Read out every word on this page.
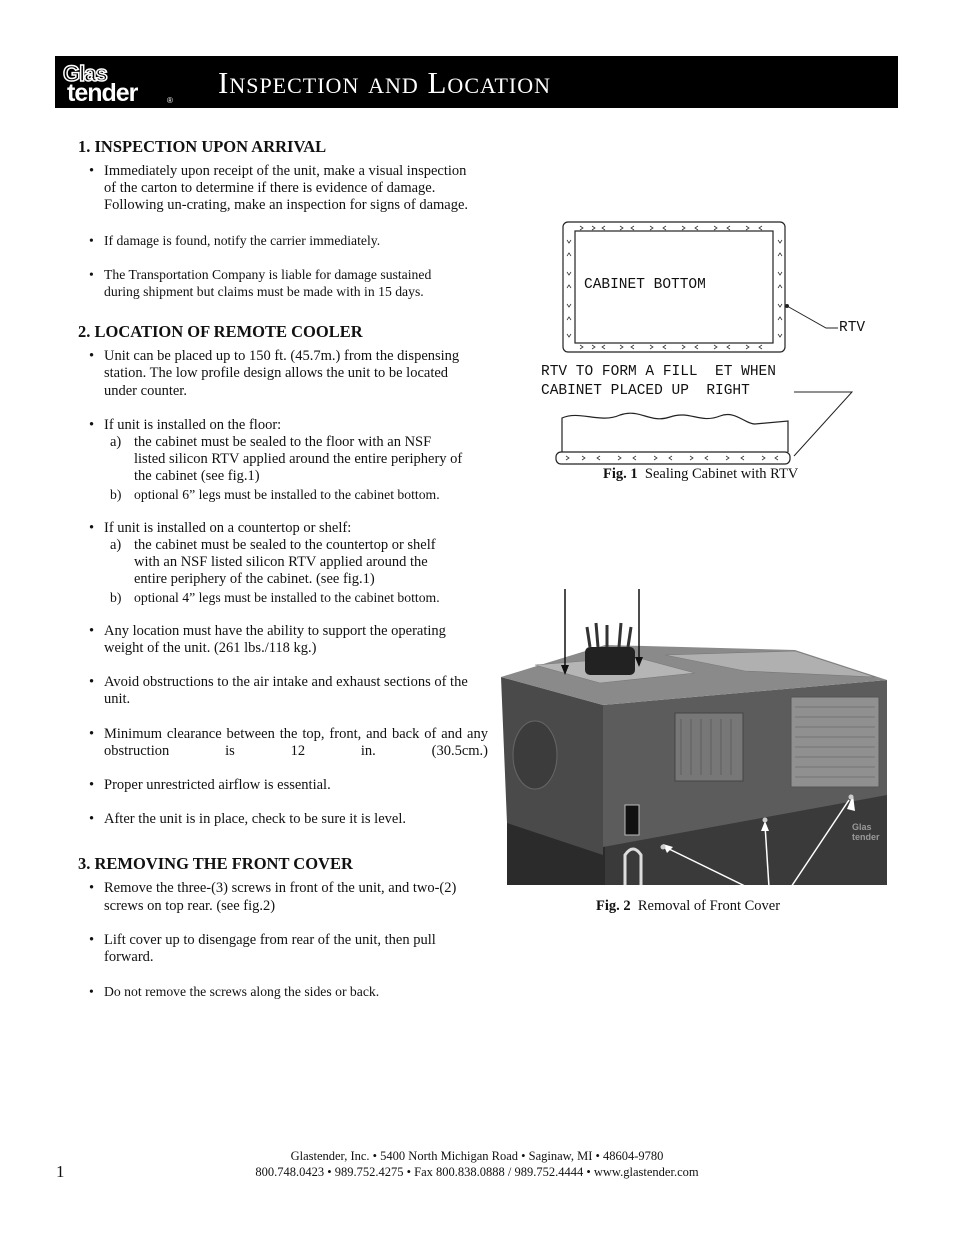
Glas
tender	®
Inspection and Location
1. INSPECTION UPON ARRIVAL
• Immediately upon receipt of the unit, make a visual inspection of the carton to determine if there is evidence of damage. Following un-crating, make an inspection for signs of damage.
• If damage is found, notify the carrier immediately.
• The Transportation Company is liable for damage sustained during shipment but claims must be made with in 15 days.
2. LOCATION OF REMOTE COOLER
• Unit can be placed up to 150 ft. (45.7m.) from the dispensing station. The low profile design allows the unit to be located under counter.
• If unit is installed on the floor:
a) the cabinet must be sealed to the floor with an NSF listed silicon RTV applied around the entire periphery of the cabinet (see fig.1)
b) optional 6” legs must be installed to the cabinet bottom.
• If unit is installed on a countertop or shelf:
a) the cabinet must be sealed to the countertop or shelf with an NSF listed silicon RTV applied around the entire periphery of the cabinet. (see fig.1)
b) optional 4” legs must be installed to the cabinet bottom.
• Any location must have the ability to support the operating weight of the unit. (261 lbs./118 kg.)
• Avoid obstructions to the air intake and exhaust sections of the unit.
• Minimum clearance between the top, front, and back of and any obstruction is 12 in. (30.5cm.)
• Proper unrestricted airflow is essential.
• After the unit is in place, check to be sure it is level.
3. REMOVING THE FRONT COVER
• Remove the three-(3) screws in front of the unit, and two-(2) screws on top rear. (see fig.2)
• Lift cover up to disengage from rear of the unit, then pull forward.
• Do not remove the screws along the sides or back.
CABINET BOTTOM
RTV
RTV TO FORM A FILL  ET WHEN
CABINET PLACED UP  RIGHT
Fig. 1 Sealing Cabinet with RTV
Glas tender
Fig. 2 Removal of Front Cover
Glastender, Inc. • 5400 North Michigan Road • Saginaw, MI • 48604-9780
800.748.0423 • 989.752.4275 • Fax 800.838.0888 / 989.752.4444 • www.glastender.com
1
